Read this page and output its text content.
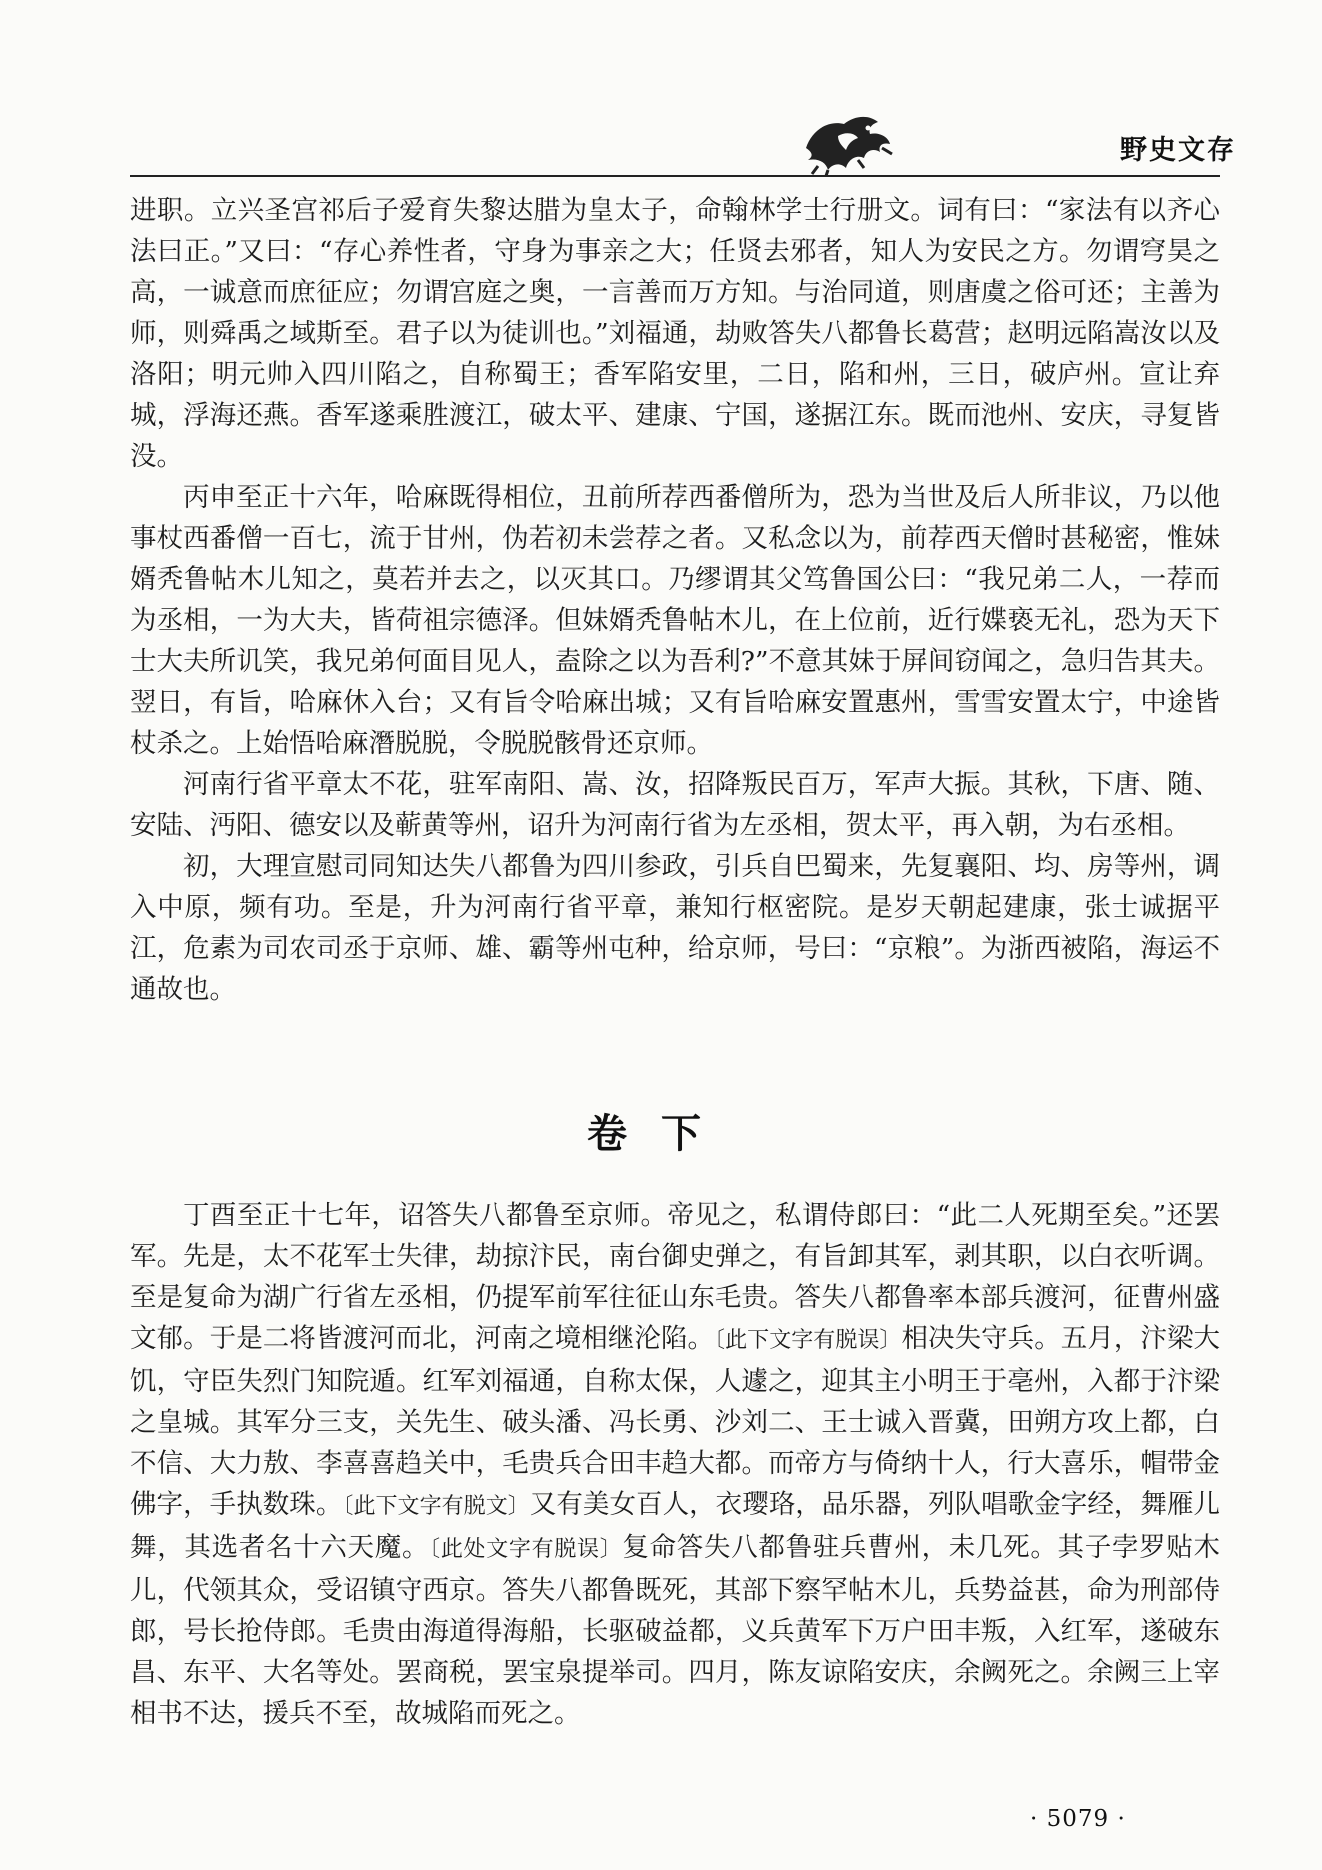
野史文存

进职。立兴圣宫祁后子爱育失黎达腊为皇太子，命翰林学士行册文。词有曰：“家法有以齐心法曰正。”又曰：“存心养性者，守身为事亲之大；任贤去邪者，知人为安民之方。勿谓穹昊之高，一诚意而庶征应；勿谓宫庭之奥，一言善而万方知。与治同道，则唐虞之俗可还；主善为师，则舜禹之域斯至。君子以为徒训也。”刘福通，劫败答失八都鲁长葛营；赵明远陷嵩汝以及洛阳；明元帅入四川陷之，自称蜀王；香军陷安里，二日，陷和州，三日，破庐州。宣让弃城，浮海还燕。香军遂乘胜渡江，破太平、建康、宁国，遂据江东。既而池州、安庆，寻复皆没。

丙申至正十六年，哈麻既得相位，丑前所荐西番僧所为，恐为当世及后人所非议，乃以他事杖西番僧一百七，流于甘州，伪若初未尝荐之者。又私念以为，前荐西天僧时甚秘密，惟妹婿秃鲁帖木儿知之，莫若并去之，以灭其口。乃缪谓其父笃鲁国公曰：“我兄弟二人，一荐而为丞相，一为大夫，皆荷祖宗德泽。但妹婿秃鲁帖木儿，在上位前，近行媟亵无礼，恐为天下士大夫所讥笑，我兄弟何面目见人，盍除之以为吾利?”不意其妹于屏间窃闻之，急归告其夫。翌日，有旨，哈麻休入台；又有旨令哈麻出城；又有旨哈麻安置惠州，雪雪安置太宁，中途皆杖杀之。上始悟哈麻潛脱脱，令脱脱骸骨还京师。

河南行省平章太不花，驻军南阳、嵩、汝，招降叛民百万，军声大振。其秋，下唐、随、安陆、沔阳、德安以及蕲黄等州，诏升为河南行省为左丞相，贺太平，再入朝，为右丞相。

初，大理宣慰司同知达失八都鲁为四川参政，引兵自巴蜀来，先复襄阳、均、房等州，调入中原，频有功。至是，升为河南行省平章，兼知行枢密院。是岁天朝起建康，张士诚据平江，危素为司农司丞于京师、雄、霸等州屯种，给京师，号曰：“京粮”。为浙西被陷，海运不通故也。

卷下

丁酉至正十七年，诏答失八都鲁至京师。帝见之，私谓侍郎曰：“此二人死期至矣。”还罢军。先是，太不花军士失律，劫掠汴民，南台御史弹之，有旨卸其军，剥其职，以白衣听调。至是复命为湖广行省左丞相，仍提军前军往征山东毛贵。答失八都鲁率本部兵渡河，征曹州盛文郁。于是二将皆渡河而北，河南之境相继沦陷。〔此下文字有脱误〕相决失守兵。五月，汴梁大饥，守臣失烈门知院遁。红军刘福通，自称太保，人遽之，迎其主小明王于亳州，入都于汴梁之皇城。其军分三支，关先生、破头潘、冯长勇、沙刘二、王士诚入晋冀，田朔方攻上都，白不信、大力敖、李喜喜趋关中，毛贵兵合田丰趋大都。而帝方与倚纳十人，行大喜乐，帽带金佛字，手执数珠。〔此下文字有脱文〕又有美女百人，衣璎珞，品乐器，列队唱歌金字经，舞雁儿舞，其选者名十六天魔。〔此处文字有脱误〕复命答失八都鲁驻兵曹州，未几死。其子孛罗贴木儿，代领其众，受诏镇守西京。答失八都鲁既死，其部下察罕帖木儿，兵势益甚，命为刑部侍郎，号长抢侍郎。毛贵由海道得海船，长驱破益都，义兵黄军下万户田丰叛，入红军，遂破东昌、东平、大名等处。罢商税，罢宝泉提举司。四月，陈友谅陷安庆，余阙死之。余阙三上宰相书不达，援兵不至，故城陷而死之。

· 5079 ·
